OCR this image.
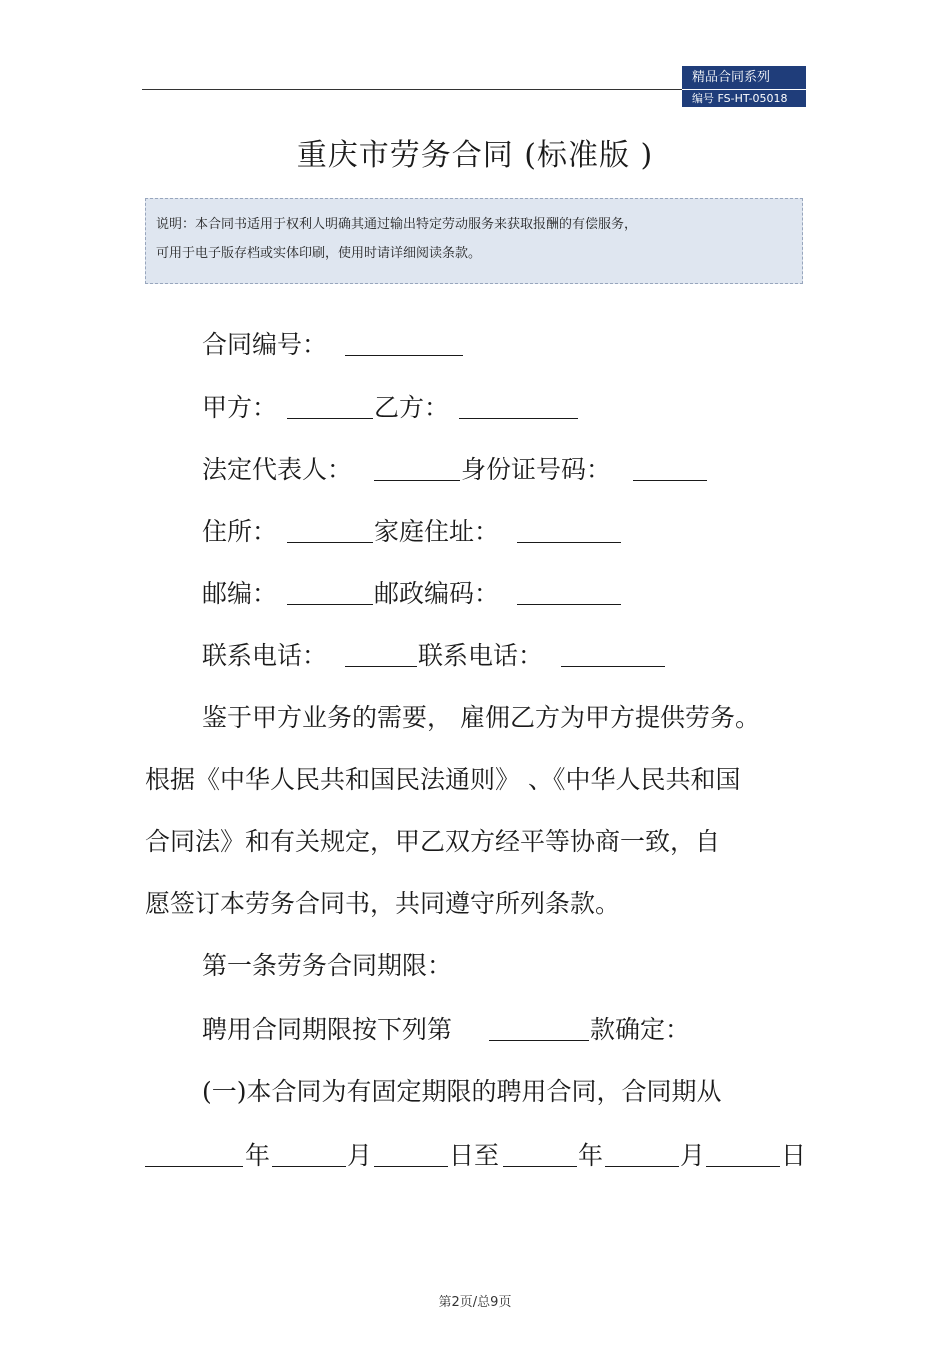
精品合同系列
编号 FS-HT-05018
重庆市劳务合同 (标准版 )

说明：本合同书适用于权利人明确其通过输出特定劳动服务来获取报酬的有偿服务，

可用于电子版存档或实体印刷，使用时请详细阅读条款。

合同编号：
甲方：	乙方：
法定代表人：	身份证号码：
住所：	家庭住址：
邮编：	邮政编码：
联系电话：	联系电话：
鉴于甲方业务的需要， 雇佣乙方为甲方提供劳务。
根据《中华人民共和国民法通则》 、《中华人民共和国
合同法》和有关规定，甲乙双方经平等协商一致，自
愿签订本劳务合同书，共同遵守所列条款。
第一条劳务合同期限：
聘用合同期限按下列第	款确定：
(一)本合同为有固定期限的聘用合同，合同期从
年	月	日至	年	月	日
第2页/总9页
